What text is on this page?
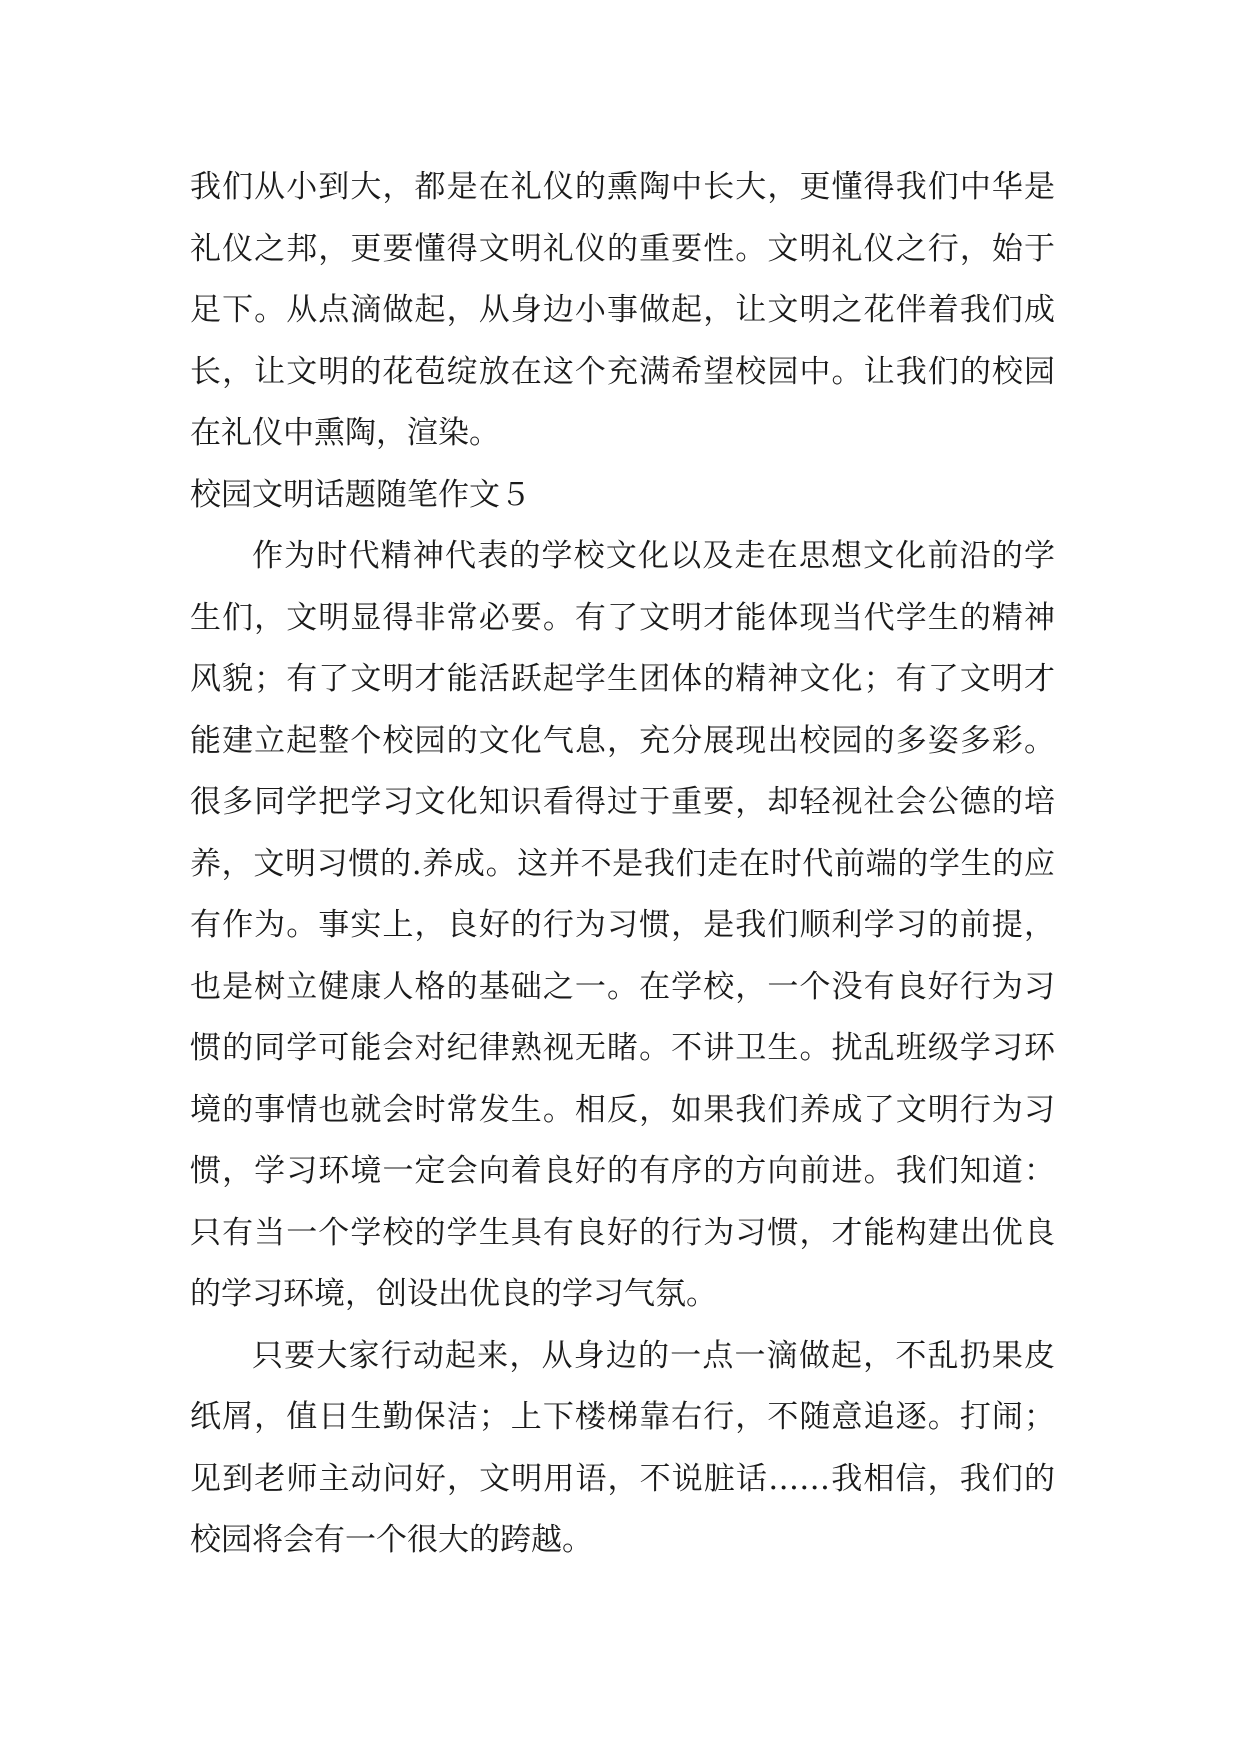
我们从小到大，都是在礼仪的熏陶中长大，更懂得我们中华是礼仪之邦，更要懂得文明礼仪的重要性。文明礼仪之行，始于足下。从点滴做起，从身边小事做起，让文明之花伴着我们成长，让文明的花苞绽放在这个充满希望校园中。让我们的校园在礼仪中熏陶，渲染。

校园文明话题随笔作文５

作为时代精神代表的学校文化以及走在思想文化前沿的学生们，文明显得非常必要。有了文明才能体现当代学生的精神风貌；有了文明才能活跃起学生团体的精神文化；有了文明才能建立起整个校园的文化气息，充分展现出校园的多姿多彩。很多同学把学习文化知识看得过于重要，却轻视社会公德的培养，文明习惯的.养成。这并不是我们走在时代前端的学生的应有作为。事实上，良好的行为习惯，是我们顺利学习的前提，也是树立健康人格的基础之一。在学校，一个没有良好行为习惯的同学可能会对纪律熟视无睹。不讲卫生。扰乱班级学习环境的事情也就会时常发生。相反，如果我们养成了文明行为习惯，学习环境一定会向着良好的有序的方向前进。我们知道：只有当一个学校的学生具有良好的行为习惯，才能构建出优良的学习环境，创设出优良的学习气氛。

只要大家行动起来，从身边的一点一滴做起，不乱扔果皮纸屑，值日生勤保洁；上下楼梯靠右行，不随意追逐。打闹；见到老师主动问好，文明用语，不说脏话……我相信，我们的校园将会有一个很大的跨越。
